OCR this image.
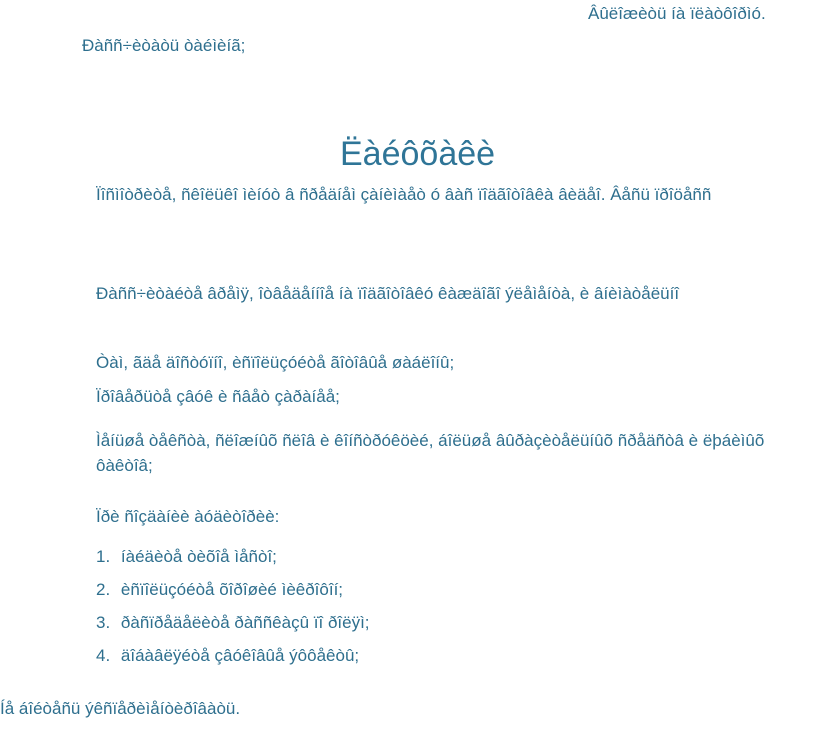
Âûëîæèòü íà ïëàòôîðìó.
Ðàññ÷èòàòü òàéìèíã;
Ëàéôõàêè
Ïîñìîòðèòå, ñêîëüêî ìèíóò â ñðåäíåì çàíèìàåò ó âàñ ïîäãîòîâêà âèäåî. Âåñü ïðîöåññ
Ðàññ÷èòàéòå âðåìÿ, îòâåäåííîå íà ïîäãîòîâêó êàæäîãî ýëåìåíòà, è âíèìàòåëüíî
Òàì, ãäå äîñòóïíî, èñïîëüçóéòå ãîòîâûå øàáëîíû;
Ïðîâåðüòå çâóê è ñâåò çàðàíåå;
Ìåíüøå òåêñòà, ñëîæíûõ ñëîâ è êîíñòðóêöèé, áîëüøå âûðàçèòåëüíûõ ñðåäñòâ è ëþáèìûõ ôàêòîâ;
Ïðè ñîçäàíèè àóäèòîðèè:
1. íàéäèòå òèõîå ìåñòî;
2. èñïîëüçóéòå õîðîøèé ìèêðîôîí;
3. ðàñïðåäåëèòå ðàññêàçû ïî ðîëÿì;
4. äîáàâëÿéòå çâóêîâûå ýôôåêòû;
Íå áîéòåñü ýêñïåðèìåíòèðîâàòü.
